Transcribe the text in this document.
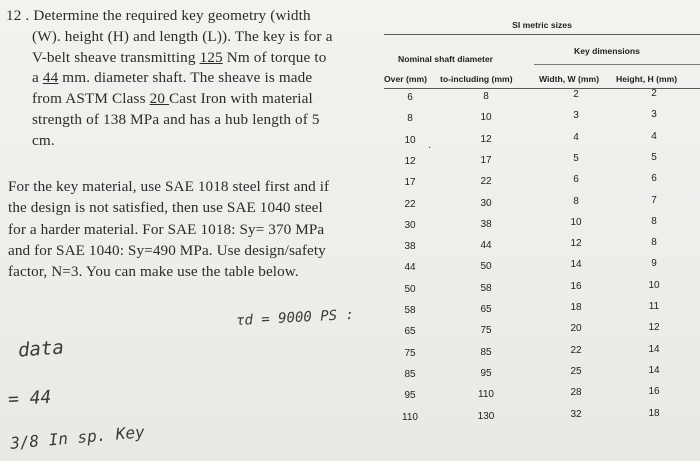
12 . Determine the required key geometry (width
(W). height (H) and length (L)). The key is for a
V-belt sheave transmitting 125 Nm of torque to
a 44 mm. diameter shaft. The sheave is made
from ASTM Class 20 Cast Iron with material
strength of 138 MPa and has a hub length of 5
cm.
For the key material, use SAE 1018 steel first and if
the design is not satisfied, then use SAE 1040 steel
for a harder material. For SAE 1018: Sy= 370 MPa
and for SAE 1040: Sy=490 MPa. Use design/safety
factor, N=3. You can make use the table below.
τd = 9000 PS :
data
= 44
3/8 In sp. Key
SI metric sizes
Nominal shaft diameter
Key dimensions
Over (mm) to-including (mm)	Width, W (mm) Height, H (mm)
·
6	8	2	2
8	10	3	3
10	12	4	4
12	17	5	5
17	22	6	6
22	30	8	7
30	38	10	8
38	44	12	8
44	50	14	9
50	58	16	10
58	65	18	11
65	75	20	12
75	85	22	14
85	95	25	14
95	110	28	16
110	130	32	18
